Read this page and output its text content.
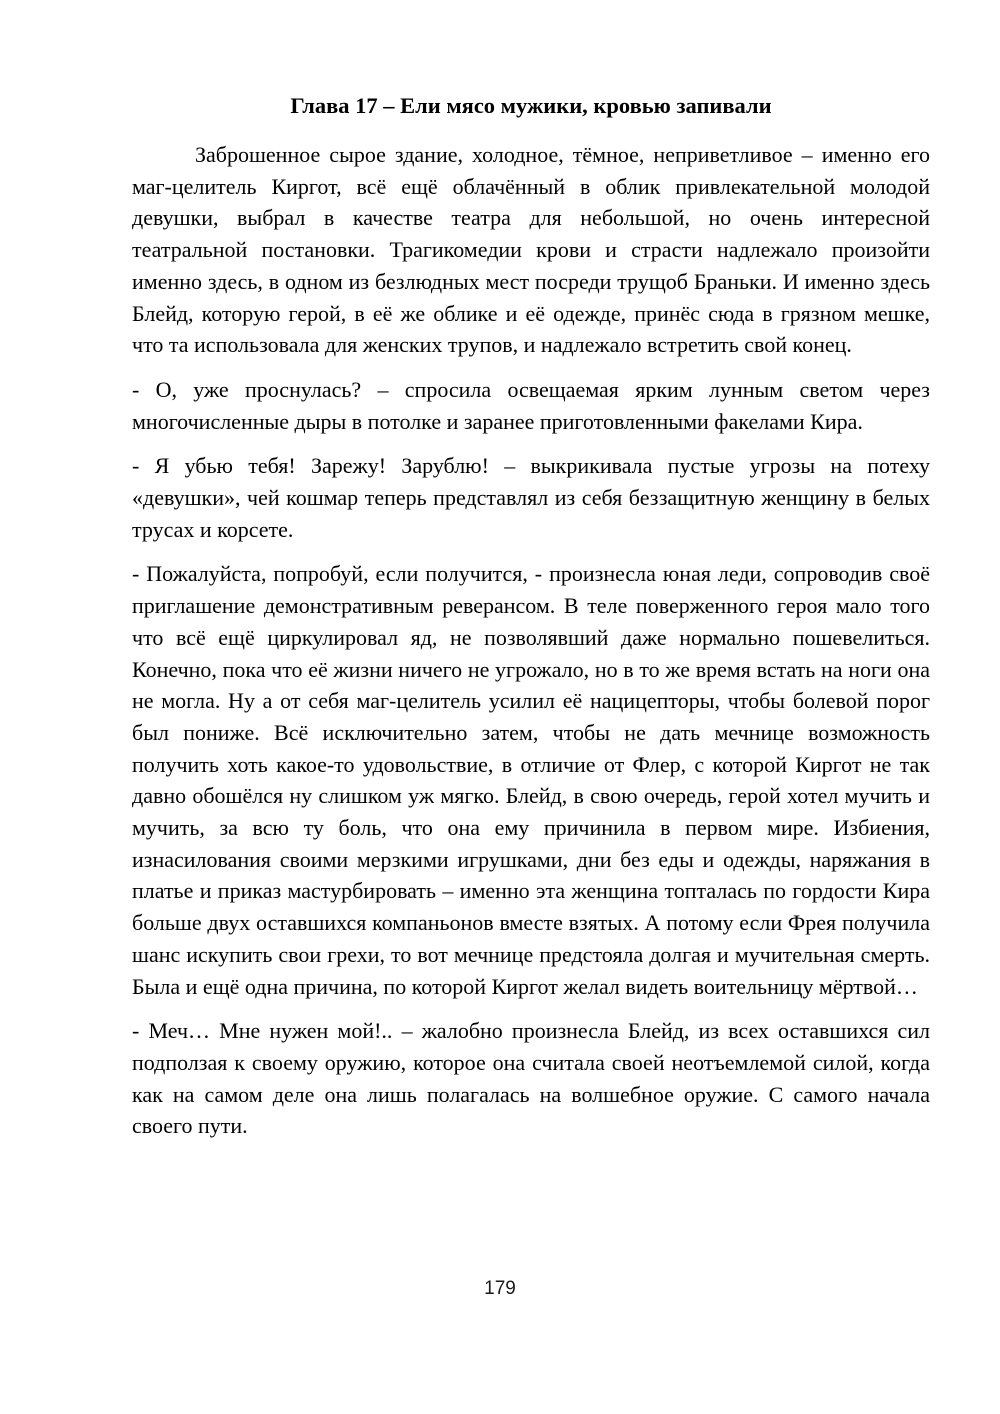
Глава 17 – Ели мясо мужики, кровью запивали

Заброшенное сырое здание, холодное, тёмное, неприветливое – именно его маг-целитель Киргот, всё ещё облачённый в облик привлекательной молодой девушки, выбрал в качестве театра для небольшой, но очень интересной театральной постановки. Трагикомедии крови и страсти надлежало произойти именно здесь, в одном из безлюдных мест посреди трущоб Браньки. И именно здесь Блейд, которую герой, в её же облике и её одежде, принёс сюда в грязном мешке, что та использовала для женских трупов, и надлежало встретить свой конец.

- О, уже проснулась? – спросила освещаемая ярким лунным светом через многочисленные дыры в потолке и заранее приготовленными факелами Кира.

- Я убью тебя! Зарежу! Зарублю! – выкрикивала пустые угрозы на потеху «девушки», чей кошмар теперь представлял из себя беззащитную женщину в белых трусах и корсете.

- Пожалуйста, попробуй, если получится, - произнесла юная леди, сопроводив своё приглашение демонстративным реверансом. В теле поверженного героя мало того что всё ещё циркулировал яд, не позволявший даже нормально пошевелиться. Конечно, пока что её жизни ничего не угрожало, но в то же время встать на ноги она не могла. Ну а от себя маг-целитель усилил её нацицепторы, чтобы болевой порог был пониже. Всё исключительно затем, чтобы не дать мечнице возможность получить хоть какое-то удовольствие, в отличие от Флер, с которой Киргот не так давно обошёлся ну слишком уж мягко. Блейд, в свою очередь, герой хотел мучить и мучить, за всю ту боль, что она ему причинила в первом мире. Избиения, изнасилования своими мерзкими игрушками, дни без еды и одежды, наряжания в платье и приказ мастурбировать – именно эта женщина топталась по гордости Кира больше двух оставшихся компаньонов вместе взятых. А потому если Фрея получила шанс искупить свои грехи, то вот мечнице предстояла долгая и мучительная смерть. Была и ещё одна причина, по которой Киргот желал видеть воительницу мёртвой…

- Меч… Мне нужен мой!.. – жалобно произнесла Блейд, из всех оставшихся сил подползая к своему оружию, которое она считала своей неотъемлемой силой, когда как на самом деле она лишь полагалась на волшебное оружие. С самого начала своего пути.

179
